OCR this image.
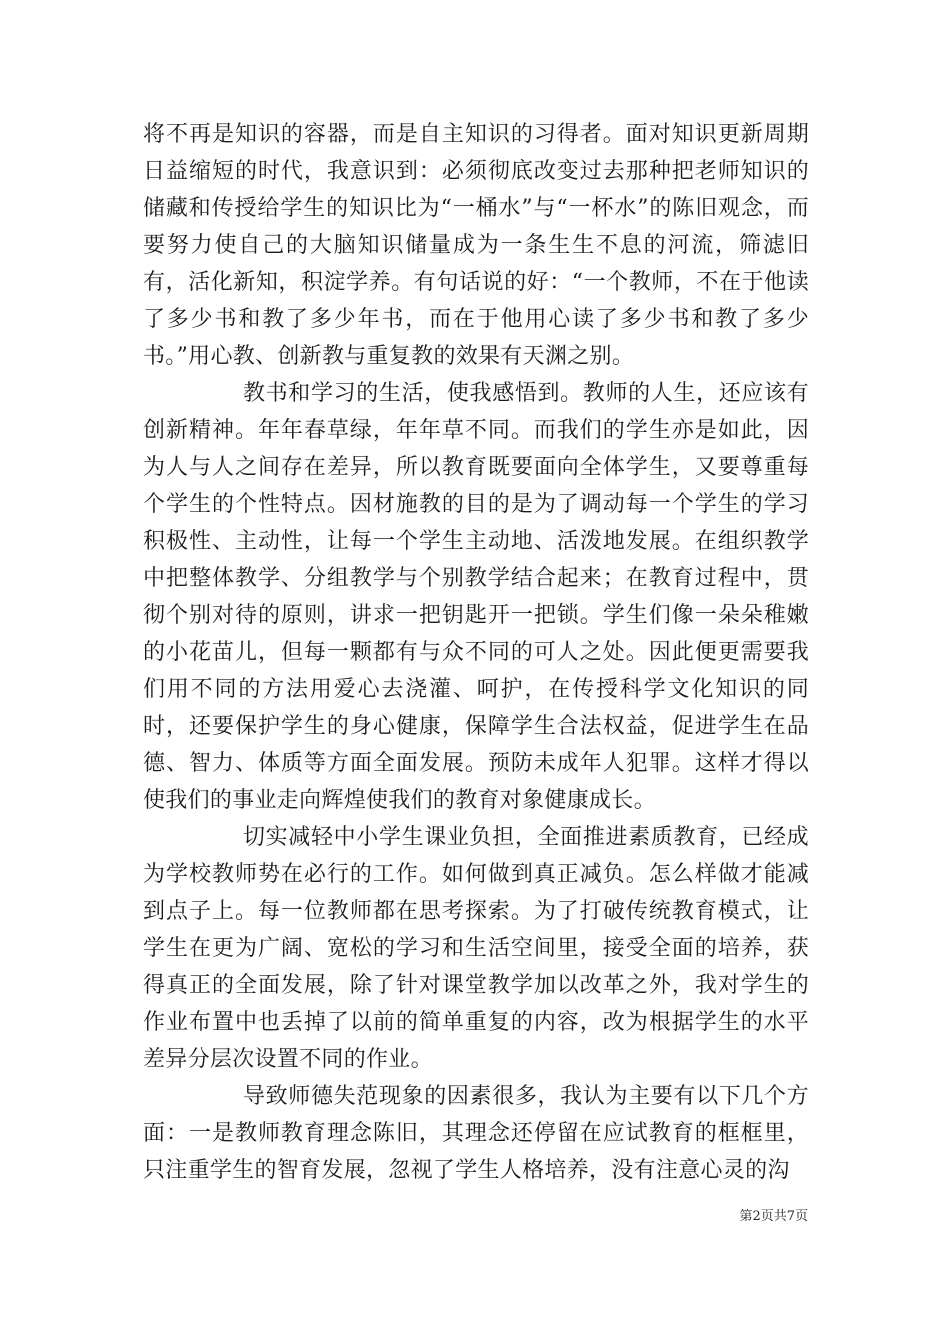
将不再是知识的容器，而是自主知识的习得者。面对知识更新周期日益缩短的时代，我意识到：必须彻底改变过去那种把老师知识的储藏和传授给学生的知识比为“一桶水”与“一杯水”的陈旧观念，而要努力使自己的大脑知识储量成为一条生生不息的河流，筛滤旧有，活化新知，积淀学养。有句话说的好：“一个教师，不在于他读了多少书和教了多少年书，而在于他用心读了多少书和教了多少书。”用心教、创新教与重复教的效果有天渊之别。

教书和学习的生活，使我感悟到。教师的人生，还应该有创新精神。年年春草绿，年年草不同。而我们的学生亦是如此，因为人与人之间存在差异，所以教育既要面向全体学生，又要尊重每个学生的个性特点。因材施教的目的是为了调动每一个学生的学习积极性、主动性，让每一个学生主动地、活泼地发展。在组织教学中把整体教学、分组教学与个别教学结合起来；在教育过程中，贯彻个别对待的原则，讲求一把钥匙开一把锁。学生们像一朵朵稚嫩的小花苗儿，但每一颗都有与众不同的可人之处。因此便更需要我们用不同的方法用爱心去浇灌、呵护，在传授科学文化知识的同时，还要保护学生的身心健康，保障学生合法权益，促进学生在品德、智力、体质等方面全面发展。预防未成年人犯罪。这样才得以使我们的事业走向辉煌使我们的教育对象健康成长。

切实减轻中小学生课业负担，全面推进素质教育，已经成为学校教师势在必行的工作。如何做到真正减负。怎么样做才能减到点子上。每一位教师都在思考探索。为了打破传统教育模式，让学生在更为广阔、宽松的学习和生活空间里，接受全面的培养，获得真正的全面发展，除了针对课堂教学加以改革之外，我对学生的作业布置中也丢掉了以前的简单重复的内容，改为根据学生的水平差异分层次设置不同的作业。

导致师德失范现象的因素很多，我认为主要有以下几个方面：一是教师教育理念陈旧，其理念还停留在应试教育的框框里，只注重学生的智育发展，忽视了学生人格培养，没有注意心灵的沟

第2页共7页
